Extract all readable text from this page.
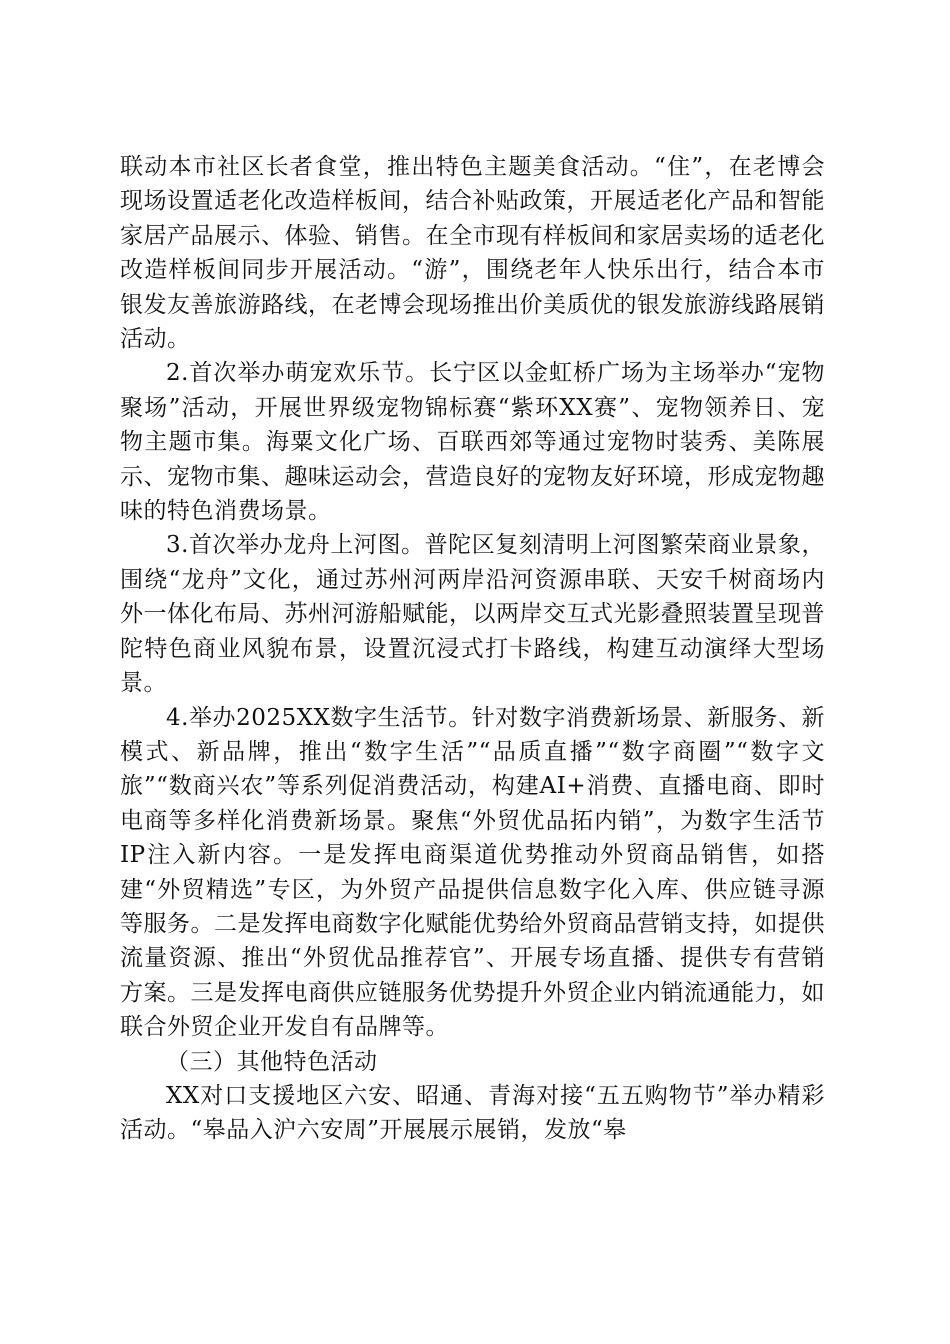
联动本市社区长者食堂，推出特色主题美食活动。“住”，在老博会现场设置适老化改造样板间，结合补贴政策，开展适老化产品和智能家居产品展示、体验、销售。在全市现有样板间和家居卖场的适老化改造样板间同步开展活动。“游”，围绕老年人快乐出行，结合本市银发友善旅游路线，在老博会现场推出价美质优的银发旅游线路展销活动。

2.首次举办萌宠欢乐节。长宁区以金虹桥广场为主场举办“宠物聚场”活动，开展世界级宠物锦标赛“紫环XX赛”、宠物领养日、宠物主题市集。海粟文化广场、百联西郊等通过宠物时装秀、美陈展示、宠物市集、趣味运动会，营造良好的宠物友好环境，形成宠物趣味的特色消费场景。

3.首次举办龙舟上河图。普陀区复刻清明上河图繁荣商业景象，围绕“龙舟”文化，通过苏州河两岸沿河资源串联、天安千树商场内外一体化布局、苏州河游船赋能，以两岸交互式光影叠照装置呈现普陀特色商业风貌布景，设置沉浸式打卡路线，构建互动演绎大型场景。

4.举办2025XX数字生活节。针对数字消费新场景、新服务、新模式、新品牌，推出“数字生活”“品质直播”“数字商圈”“数字文旅”“数商兴农”等系列促消费活动，构建AI+消费、直播电商、即时电商等多样化消费新场景。聚焦“外贸优品拓内销”，为数字生活节IP注入新内容。一是发挥电商渠道优势推动外贸商品销售，如搭建“外贸精选”专区，为外贸产品提供信息数字化入库、供应链寻源等服务。二是发挥电商数字化赋能优势给外贸商品营销支持，如提供流量资源、推出“外贸优品推荐官”、开展专场直播、提供专有营销方案。三是发挥电商供应链服务优势提升外贸企业内销流通能力，如联合外贸企业开发自有品牌等。

（三）其他特色活动

XX对口支援地区六安、昭通、青海对接“五五购物节”举办精彩活动。“皋品入沪六安周”开展展示展销，发放“皋
